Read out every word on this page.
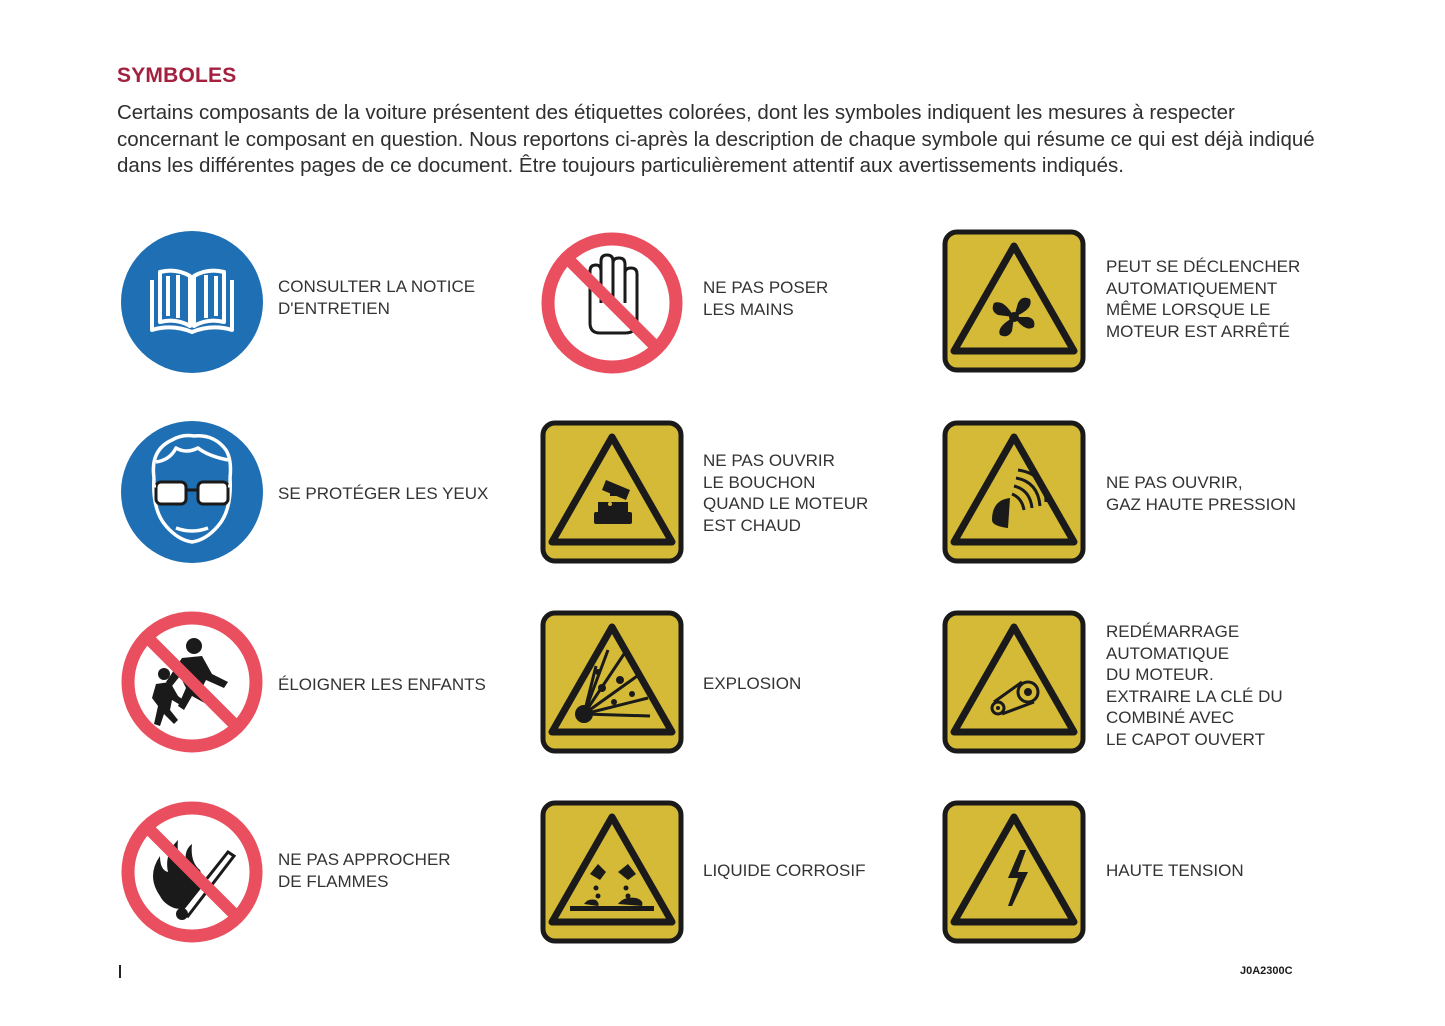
SYMBOLES

Certains composants de la voiture présentent des étiquettes colorées, dont les symboles indiquent les mesures à respecter concernant le composant en question. Nous reportons ci-après la description de chaque symbole qui résume ce qui est déjà indiqué dans les différentes pages de ce document. Être toujours particulièrement attentif aux avertissements indiqués.

CONSULTER LA NOTICE
D'ENTRETIEN
NE PAS POSER
LES MAINS
PEUT SE DÉCLENCHER
AUTOMATIQUEMENT
MÊME LORSQUE LE
MOTEUR EST ARRÊTÉ
SE PROTÉGER LES YEUX
NE PAS OUVRIR
LE BOUCHON
QUAND LE MOTEUR
EST CHAUD
NE PAS OUVRIR,
GAZ HAUTE PRESSION
ÉLOIGNER LES ENFANTS	EXPLOSION
REDÉMARRAGE
AUTOMATIQUE
DU MOTEUR.
EXTRAIRE LA CLÉ DU
COMBINÉ AVEC
LE CAPOT OUVERT
NE PAS APPROCHER
DE FLAMMES
LIQUIDE CORROSIF	HAUTE TENSION
J0A2300C
